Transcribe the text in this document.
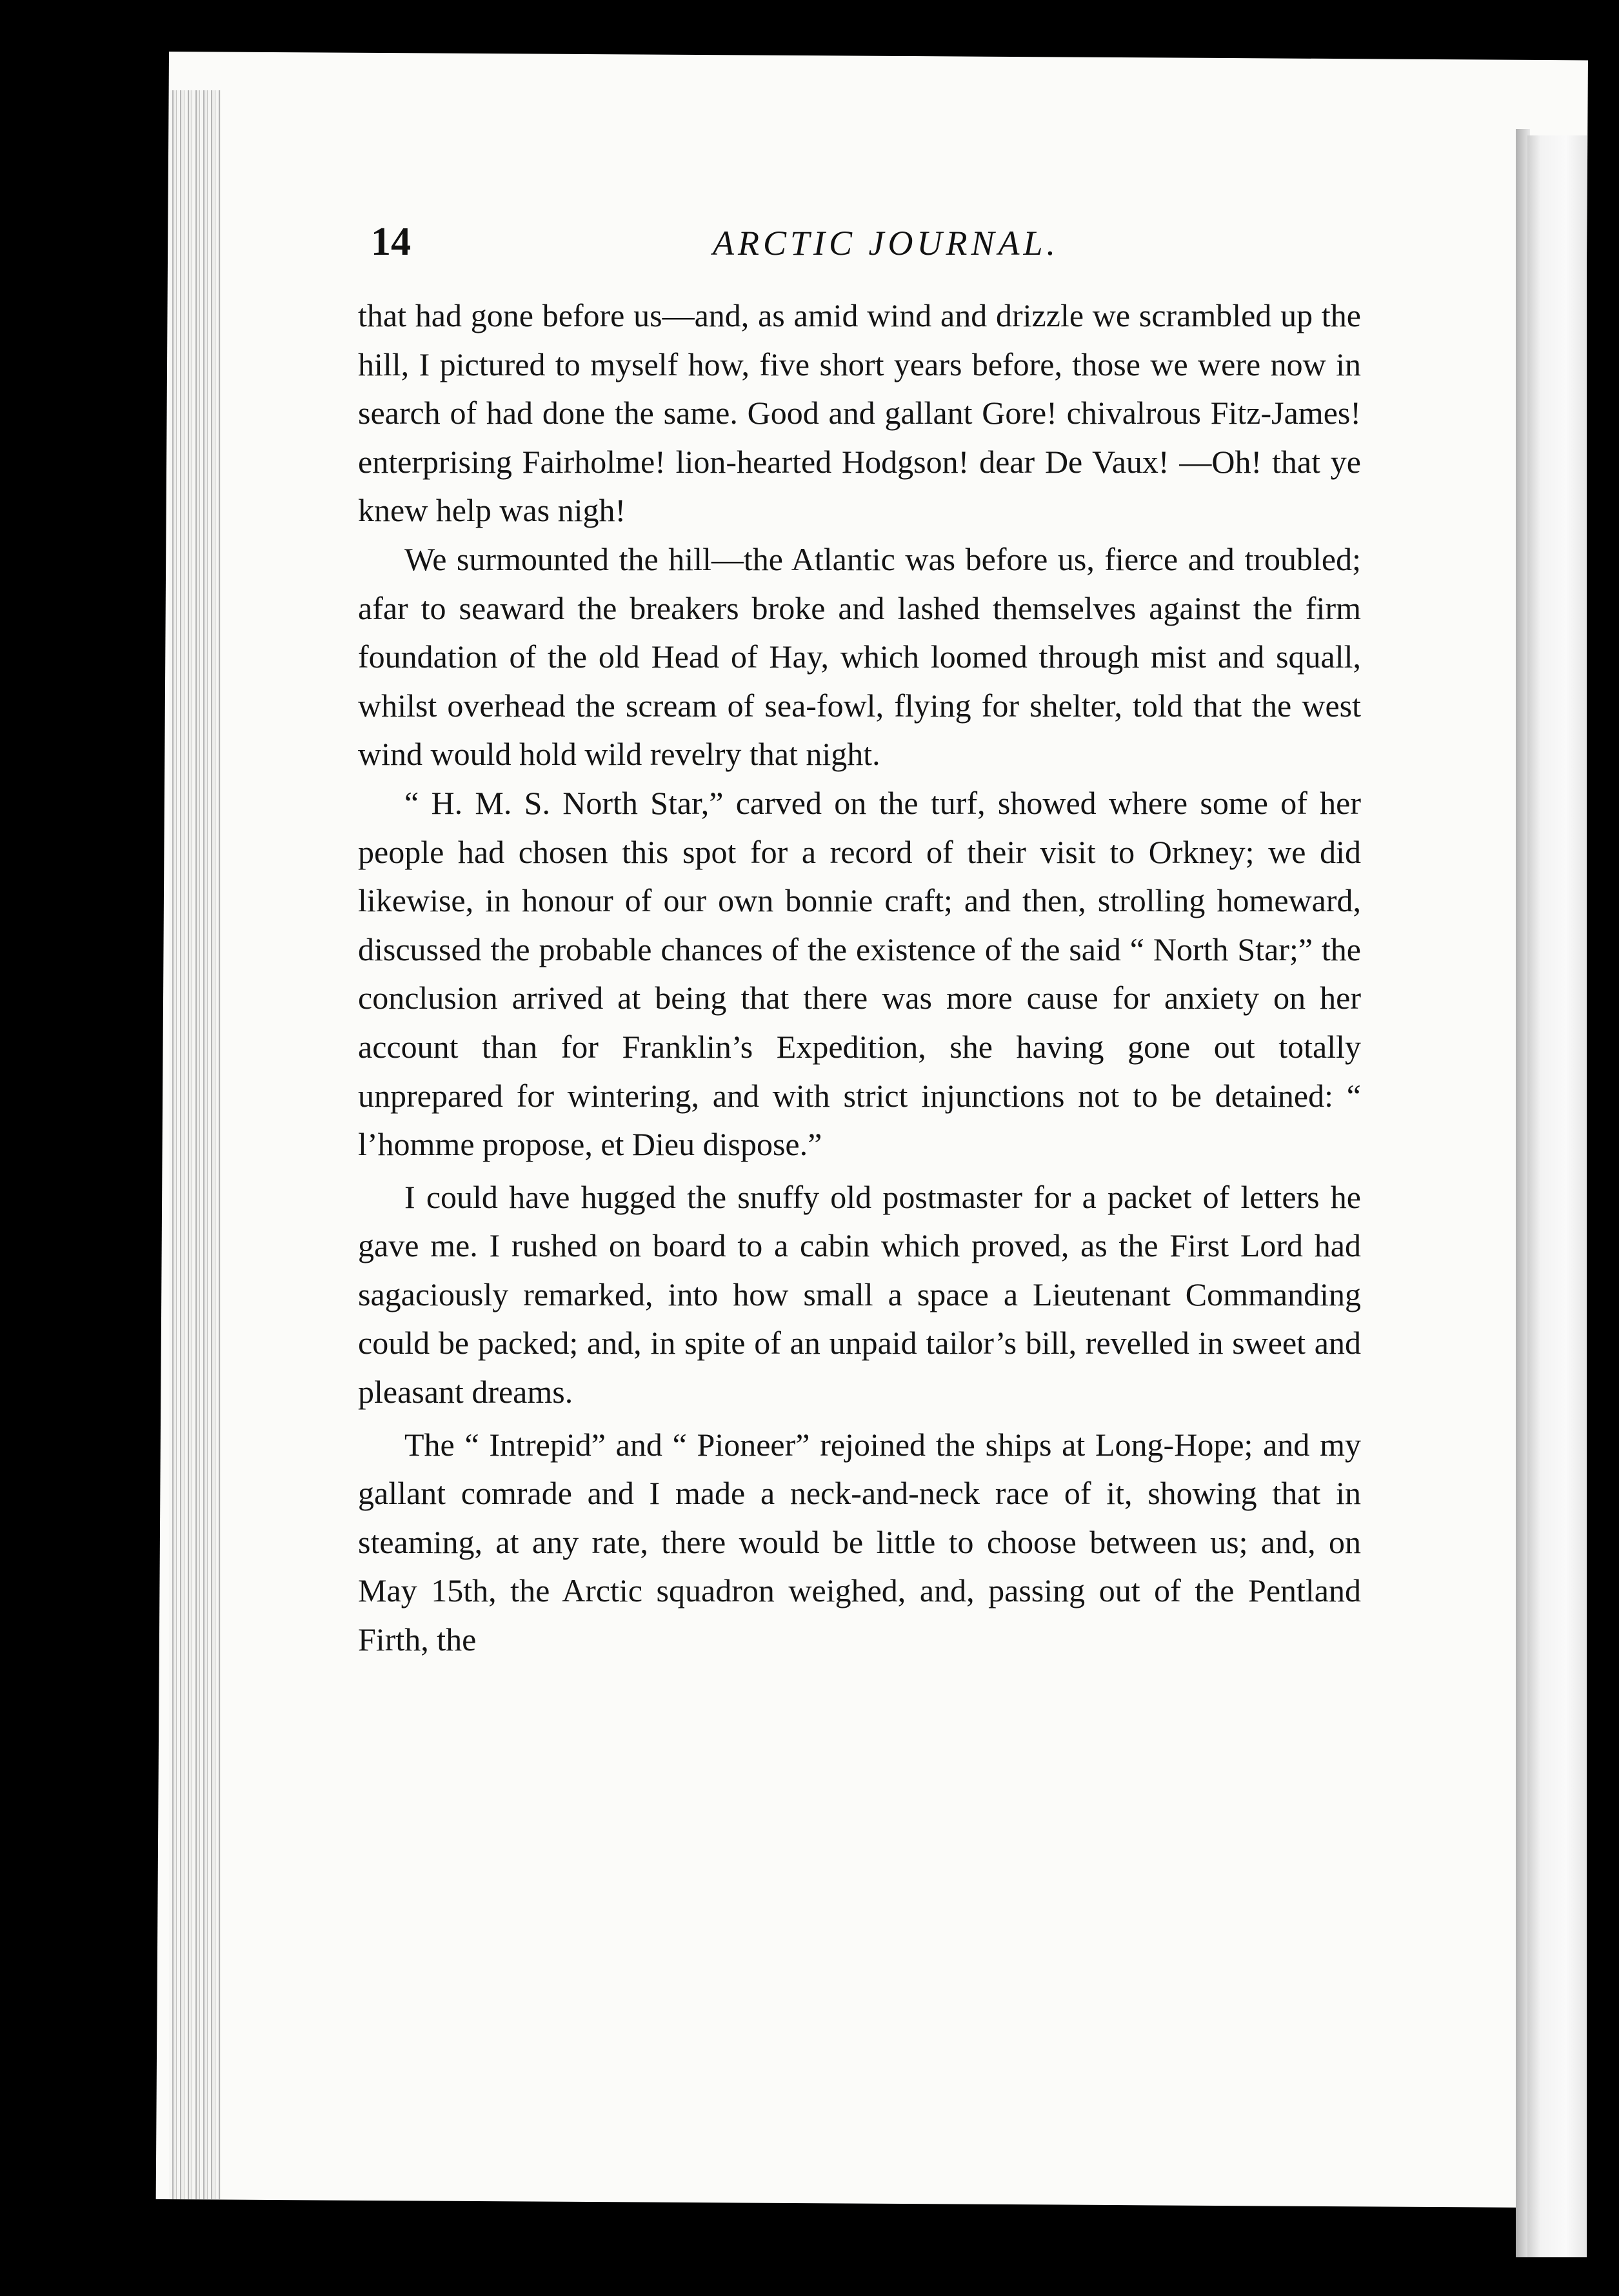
14	ARCTIC JOURNAL.

that had gone before us—and, as amid wind and drizzle we scrambled up the hill, I pictured to myself how, five short years before, those we were now in search of had done the same. Good and gallant Gore! chivalrous Fitz-James! enterprising Fairholme! lion-hearted Hodgson! dear De Vaux! —Oh! that ye knew help was nigh!

We surmounted the hill—the Atlantic was before us, fierce and troubled; afar to seaward the breakers broke and lashed themselves against the firm foundation of the old Head of Hay, which loomed through mist and squall, whilst overhead the scream of sea-fowl, flying for shelter, told that the west wind would hold wild revelry that night.

“ H. M. S. North Star,” carved on the turf, showed where some of her people had chosen this spot for a record of their visit to Orkney; we did likewise, in honour of our own bonnie craft; and then, strolling homeward, discussed the probable chances of the existence of the said “ North Star;” the conclusion arrived at being that there was more cause for anxiety on her account than for Franklin’s Expedition, she having gone out totally unprepared for wintering, and with strict injunctions not to be detained: “ l’homme propose, et Dieu dispose.”

I could have hugged the snuffy old postmaster for a packet of letters he gave me. I rushed on board to a cabin which proved, as the First Lord had sagaciously remarked, into how small a space a Lieutenant Commanding could be packed; and, in spite of an unpaid tailor’s bill, revelled in sweet and pleasant dreams.

The “ Intrepid” and “ Pioneer” rejoined the ships at Long-Hope; and my gallant comrade and I made a neck-and-neck race of it, showing that in steaming, at any rate, there would be little to choose between us; and, on May 15th, the Arctic squadron weighed, and, passing out of the Pentland Firth, the
